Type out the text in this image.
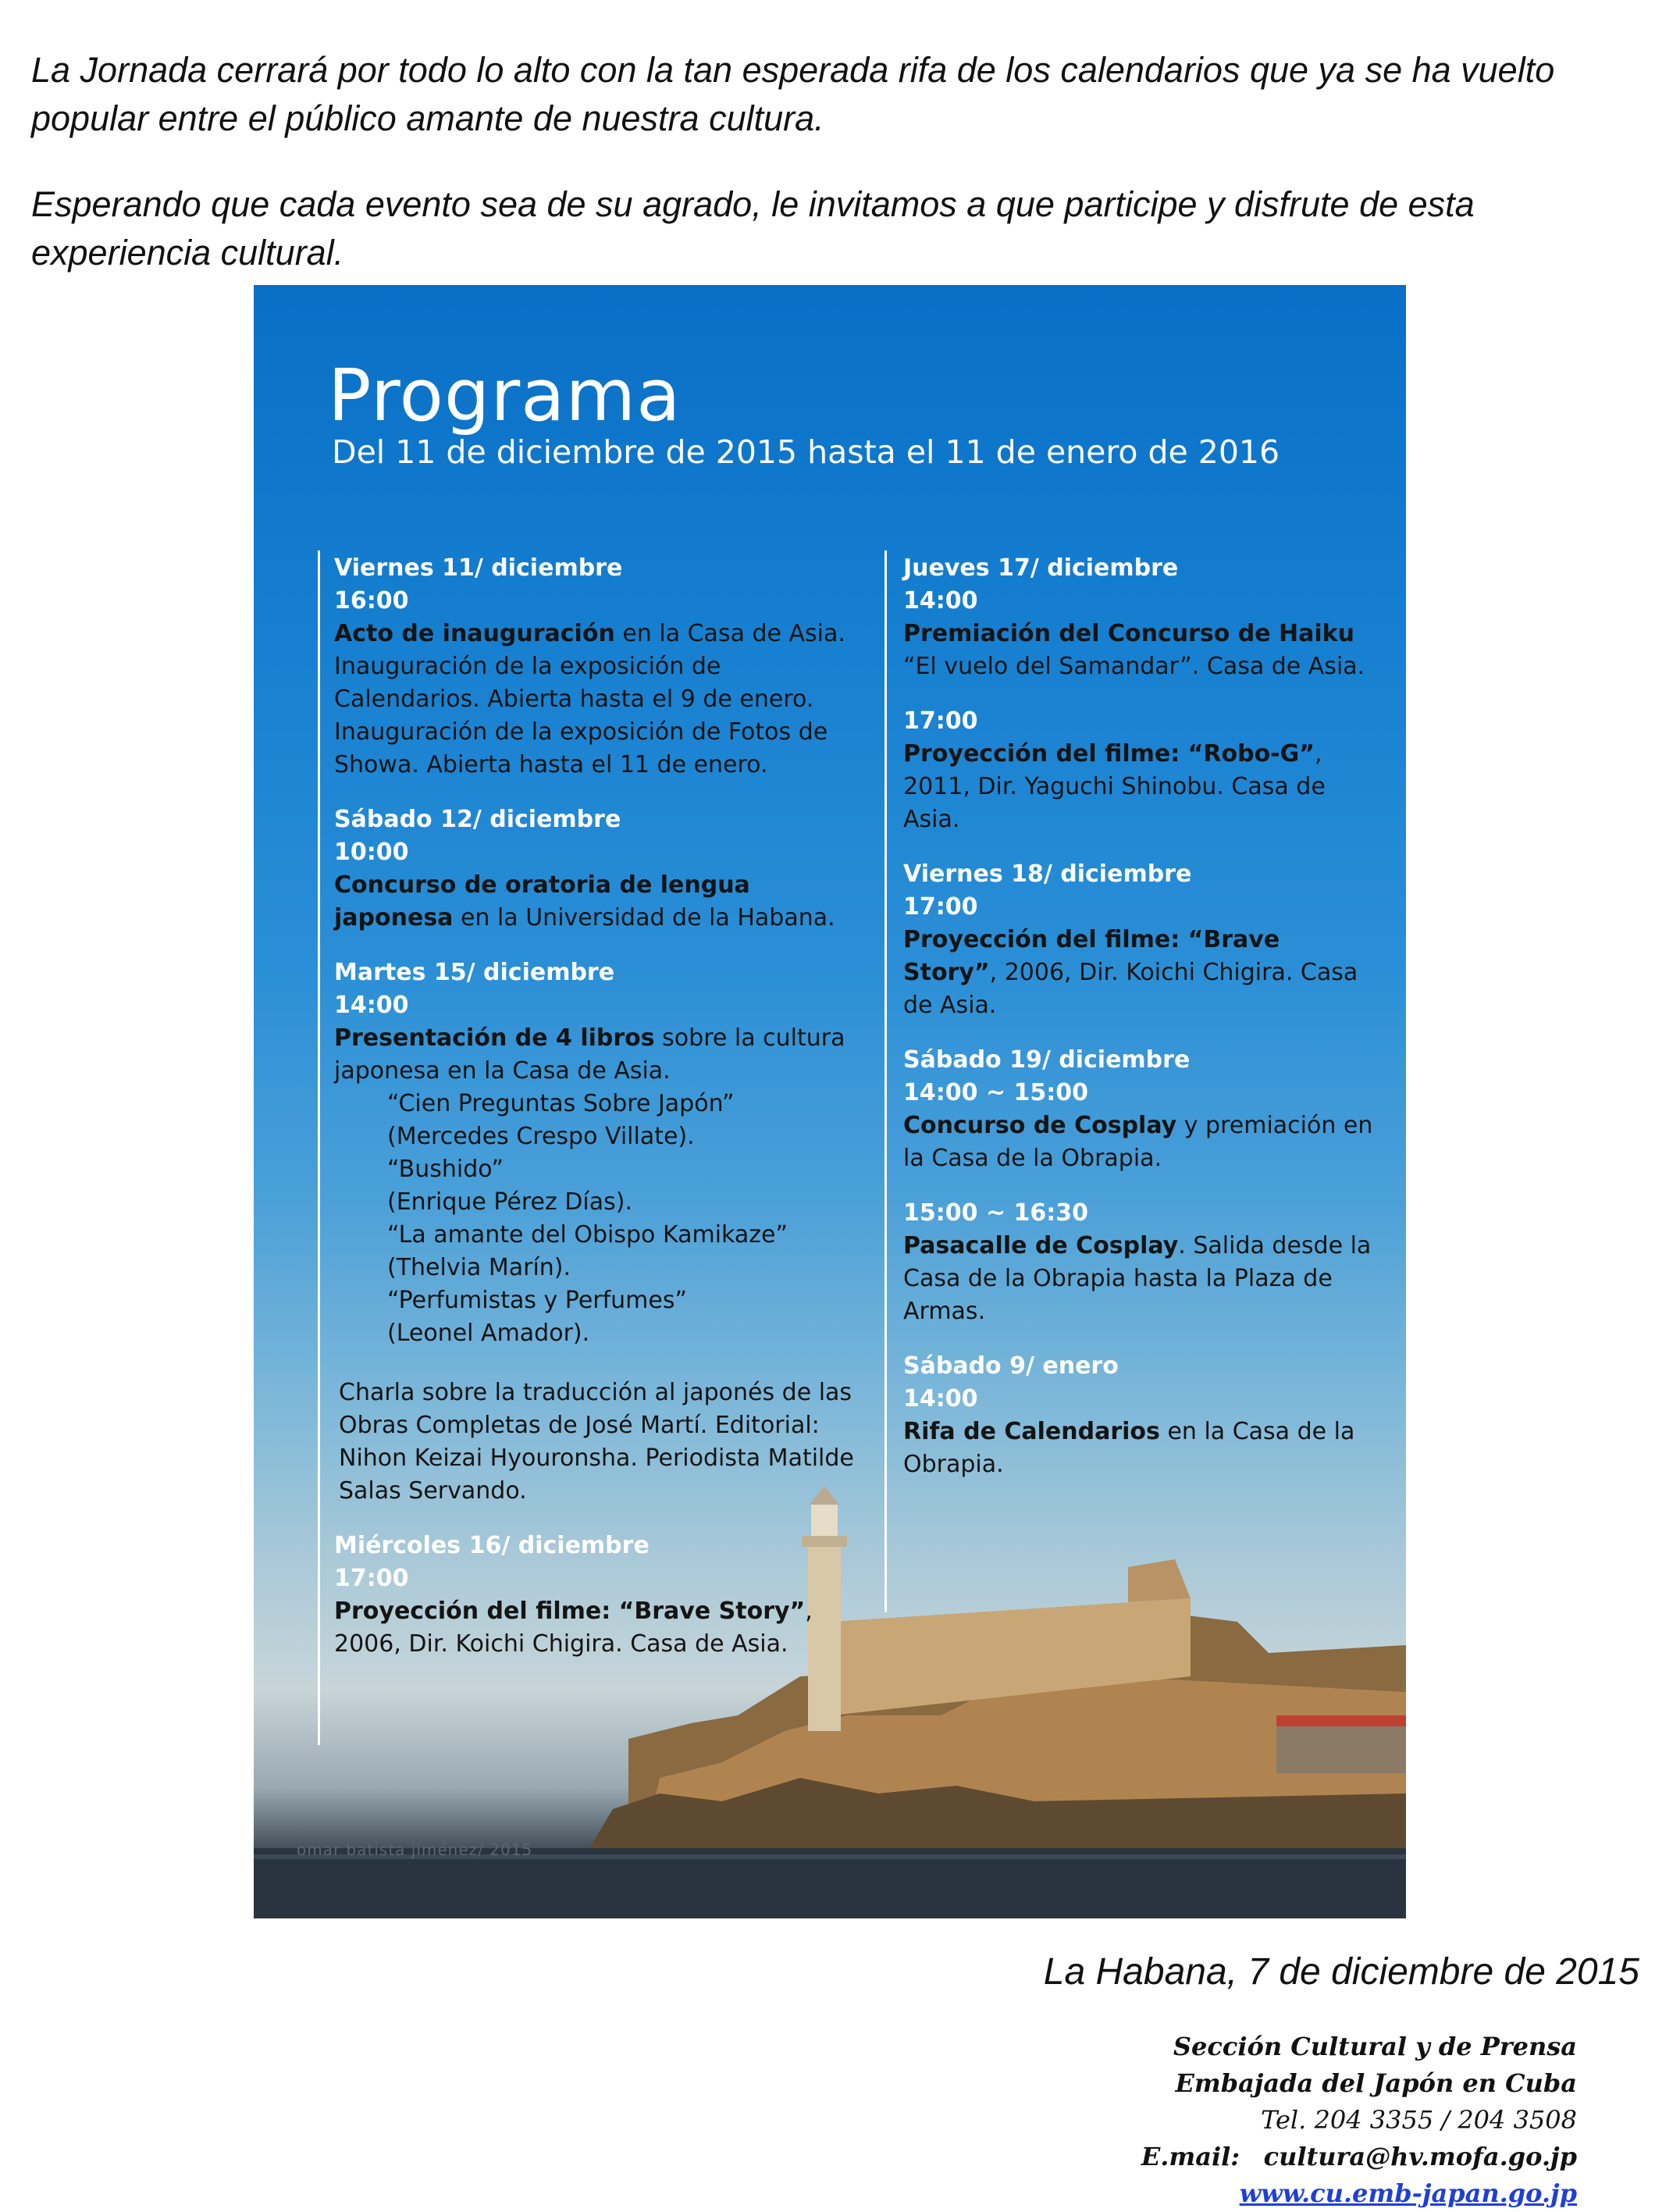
La Jornada cerrará por todo lo alto con la tan esperada rifa de los calendarios que ya se ha vuelto popular entre el público amante de nuestra cultura.

Esperando que cada evento sea de su agrado, le invitamos a que participe y disfrute de esta experiencia cultural.

Programa
Del 11 de diciembre de 2015 hasta el 11 de enero de 2016
Viernes 11/ diciembre
16:00
Acto de inauguración en la Casa de Asia. Inauguración de la exposición de Calendarios. Abierta hasta el 9 de enero. Inauguración de la exposición de Fotos de Showa. Abierta hasta el 11 de enero.
Sábado 12/ diciembre
10:00
Concurso de oratoria de lengua japonesa en la Universidad de la Habana.
Martes 15/ diciembre
14:00
Presentación de 4 libros sobre la cultura japonesa en la Casa de Asia.
“Cien Preguntas Sobre Japón”
(Mercedes Crespo Villate).
“Bushido”
(Enrique Pérez Días).
“La amante del Obispo Kamikaze”
(Thelvia Marín).
“Perfumistas y Perfumes”
(Leonel Amador).
Charla sobre la traducción al japonés de las Obras Completas de José Martí. Editorial: Nihon Keizai Hyouronsha. Periodista Matilde Salas Servando.
Miércoles 16/ diciembre
17:00
Proyección del filme: “Brave Story”, 2006, Dir. Koichi Chigira. Casa de Asia.
Jueves 17/ diciembre
14:00
Premiación del Concurso de Haiku “El vuelo del Samandar”. Casa de Asia.
17:00
Proyección del filme: “Robo-G”, 2011, Dir. Yaguchi Shinobu. Casa de Asia.
Viernes 18/ diciembre
17:00
Proyección del filme: “Brave Story”, 2006, Dir. Koichi Chigira. Casa de Asia.
Sábado 19/ diciembre
14:00 ~ 15:00
Concurso de Cosplay y premiación en la Casa de la Obrapia.
15:00 ~ 16:30
Pasacalle de Cosplay. Salida desde la Casa de la Obrapia hasta la Plaza de Armas.
Sábado 9/ enero
14:00
Rifa de Calendarios en la Casa de la Obrapia.
omar batista jiménez/ 2015
La Habana, 7 de diciembre de 2015
Sección Cultural y de Prensa
Embajada del Japón en Cuba
Tel. 204 3355 / 204 3508
E.mail: cultura@hv.mofa.go.jp
www.cu.emb-japan.go.jp
